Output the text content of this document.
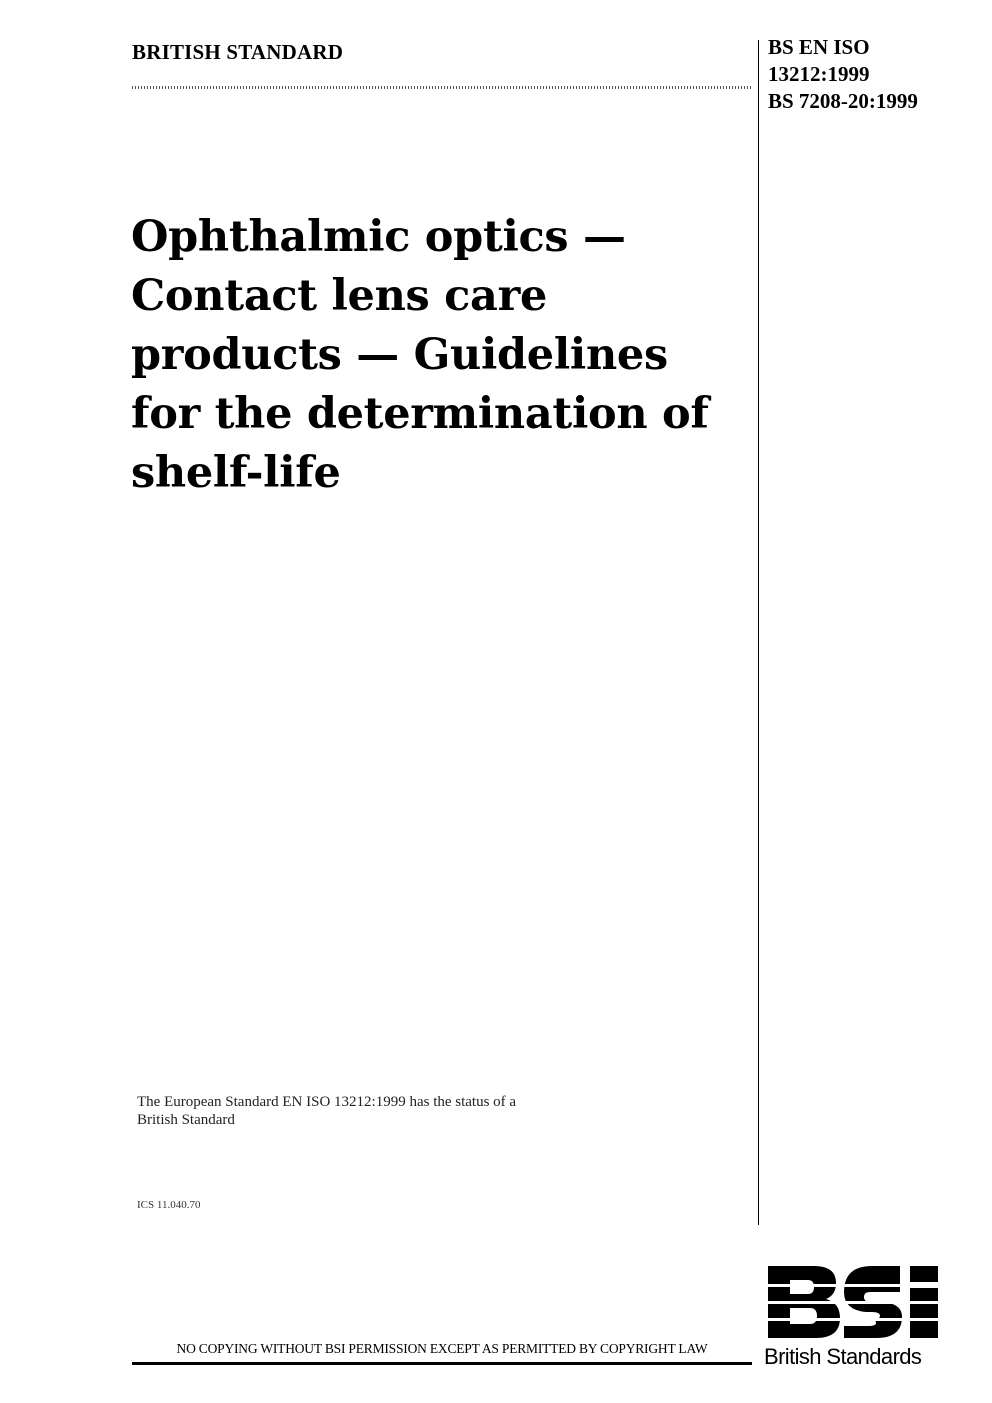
BRITISH STANDARD	BS EN ISO
13212:1999
BS 7208-20:1999
Ophthalmic optics —
Contact lens care
products — Guidelines
for the determination of
shelf-life
The European Standard EN ISO 13212:1999 has the status of a
British Standard
ICS 11.040.70
NO COPYING WITHOUT BSI PERMISSION EXCEPT AS PERMITTED BY COPYRIGHT LAW	British Standards
